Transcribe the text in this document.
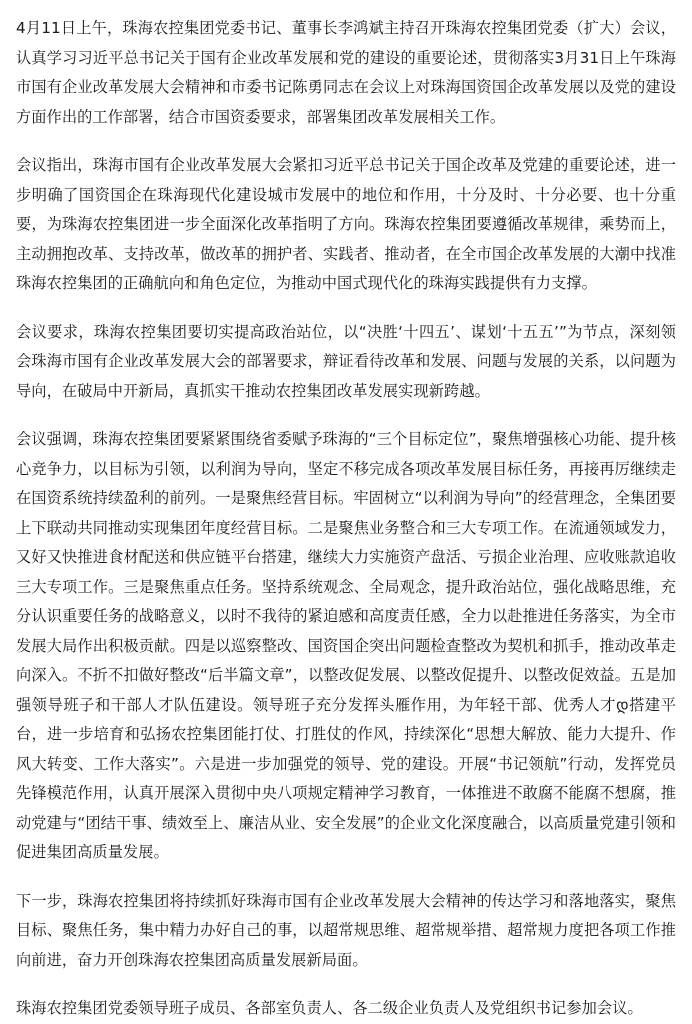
4月11日上午，珠海农控集团党委书记、董事长李鸿斌主持召开珠海农控集团党委（扩大）会议，认真学习习近平总书记关于国有企业改革发展和党的建设的重要论述，贯彻落实3月31日上午珠海市国有企业改革发展大会精神和市委书记陈勇同志在会议上对珠海国资国企改革发展以及党的建设方面作出的工作部署，结合市国资委要求，部署集团改革发展相关工作。

会议指出，珠海市国有企业改革发展大会紧扣习近平总书记关于国企改革及党建的重要论述，进一步明确了国资国企在珠海现代化建设城市发展中的地位和作用，十分及时、十分必要、也十分重要，为珠海农控集团进一步全面深化改革指明了方向。珠海农控集团要遵循改革规律，乘势而上，主动拥抱改革、支持改革，做改革的拥护者、实践者、推动者，在全市国企改革发展的大潮中找准珠海农控集团的正确航向和角色定位，为推动中国式现代化的珠海实践提供有力支撑。

会议要求，珠海农控集团要切实提高政治站位，以“决胜‘十四五’、谋划‘十五五’”为节点，深刻领会珠海市国有企业改革发展大会的部署要求，辩证看待改革和发展、问题与发展的关系，以问题为导向，在破局中开新局，真抓实干推动农控集团改革发展实现新跨越。

会议强调，珠海农控集团要紧紧围绕省委赋予珠海的“三个目标定位”，聚焦增强核心功能、提升核心竞争力，以目标为引领，以利润为导向，坚定不移完成各项改革发展目标任务，再接再厉继续走在国资系统持续盈利的前列。一是聚焦经营目标。牢固树立“以利润为导向”的经营理念，全集团要上下联动共同推动实现集团年度经营目标。二是聚焦业务整合和三大专项工作。在流通领域发力，又好又快推进食材配送和供应链平台搭建，继续大力实施资产盘活、亏损企业治理、应收账款追收三大专项工作。三是聚焦重点任务。坚持系统观念、全局观念，提升政治站位，强化战略思维，充分认识重要任务的战略意义，以时不我待的紧迫感和高度责任感，全力以赴推进任务落实，为全市发展大局作出积极贡献。四是以巡察整改、国资国企突出问题检查整改为契机和抓手，推动改革走向深入。不折不扣做好整改“后半篇文章”，以整改促发展、以整改促提升、以整改促效益。五是加强领导班子和干部人才队伍建设。领导班子充分发挥头雁作用，为年轻干部、优秀人才დ搭建平台，进一步培育和弘扬农控集团能打仗、打胜仗的作风，持续深化“思想大解放、能力大提升、作风大转变、工作大落实”。六是进一步加强党的领导、党的建设。开展“书记领航”行动，发挥党员先锋模范作用，认真开展深入贯彻中央八项规定精神学习教育，一体推进不敢腐不能腐不想腐，推动党建与“团结干事、绩效至上、廉洁从业、安全发展”的企业文化深度融合，以高质量党建引领和促进集团高质量发展。

下一步，珠海农控集团将持续抓好珠海市国有企业改革发展大会精神的传达学习和落地落实，聚焦目标、聚焦任务，集中精力办好自己的事，以超常规思维、超常规举措、超常规力度把各项工作推向前进，奋力开创珠海农控集团高质量发展新局面。

珠海农控集团党委领导班子成员、各部室负责人、各二级企业负责人及党组织书记参加会议。
